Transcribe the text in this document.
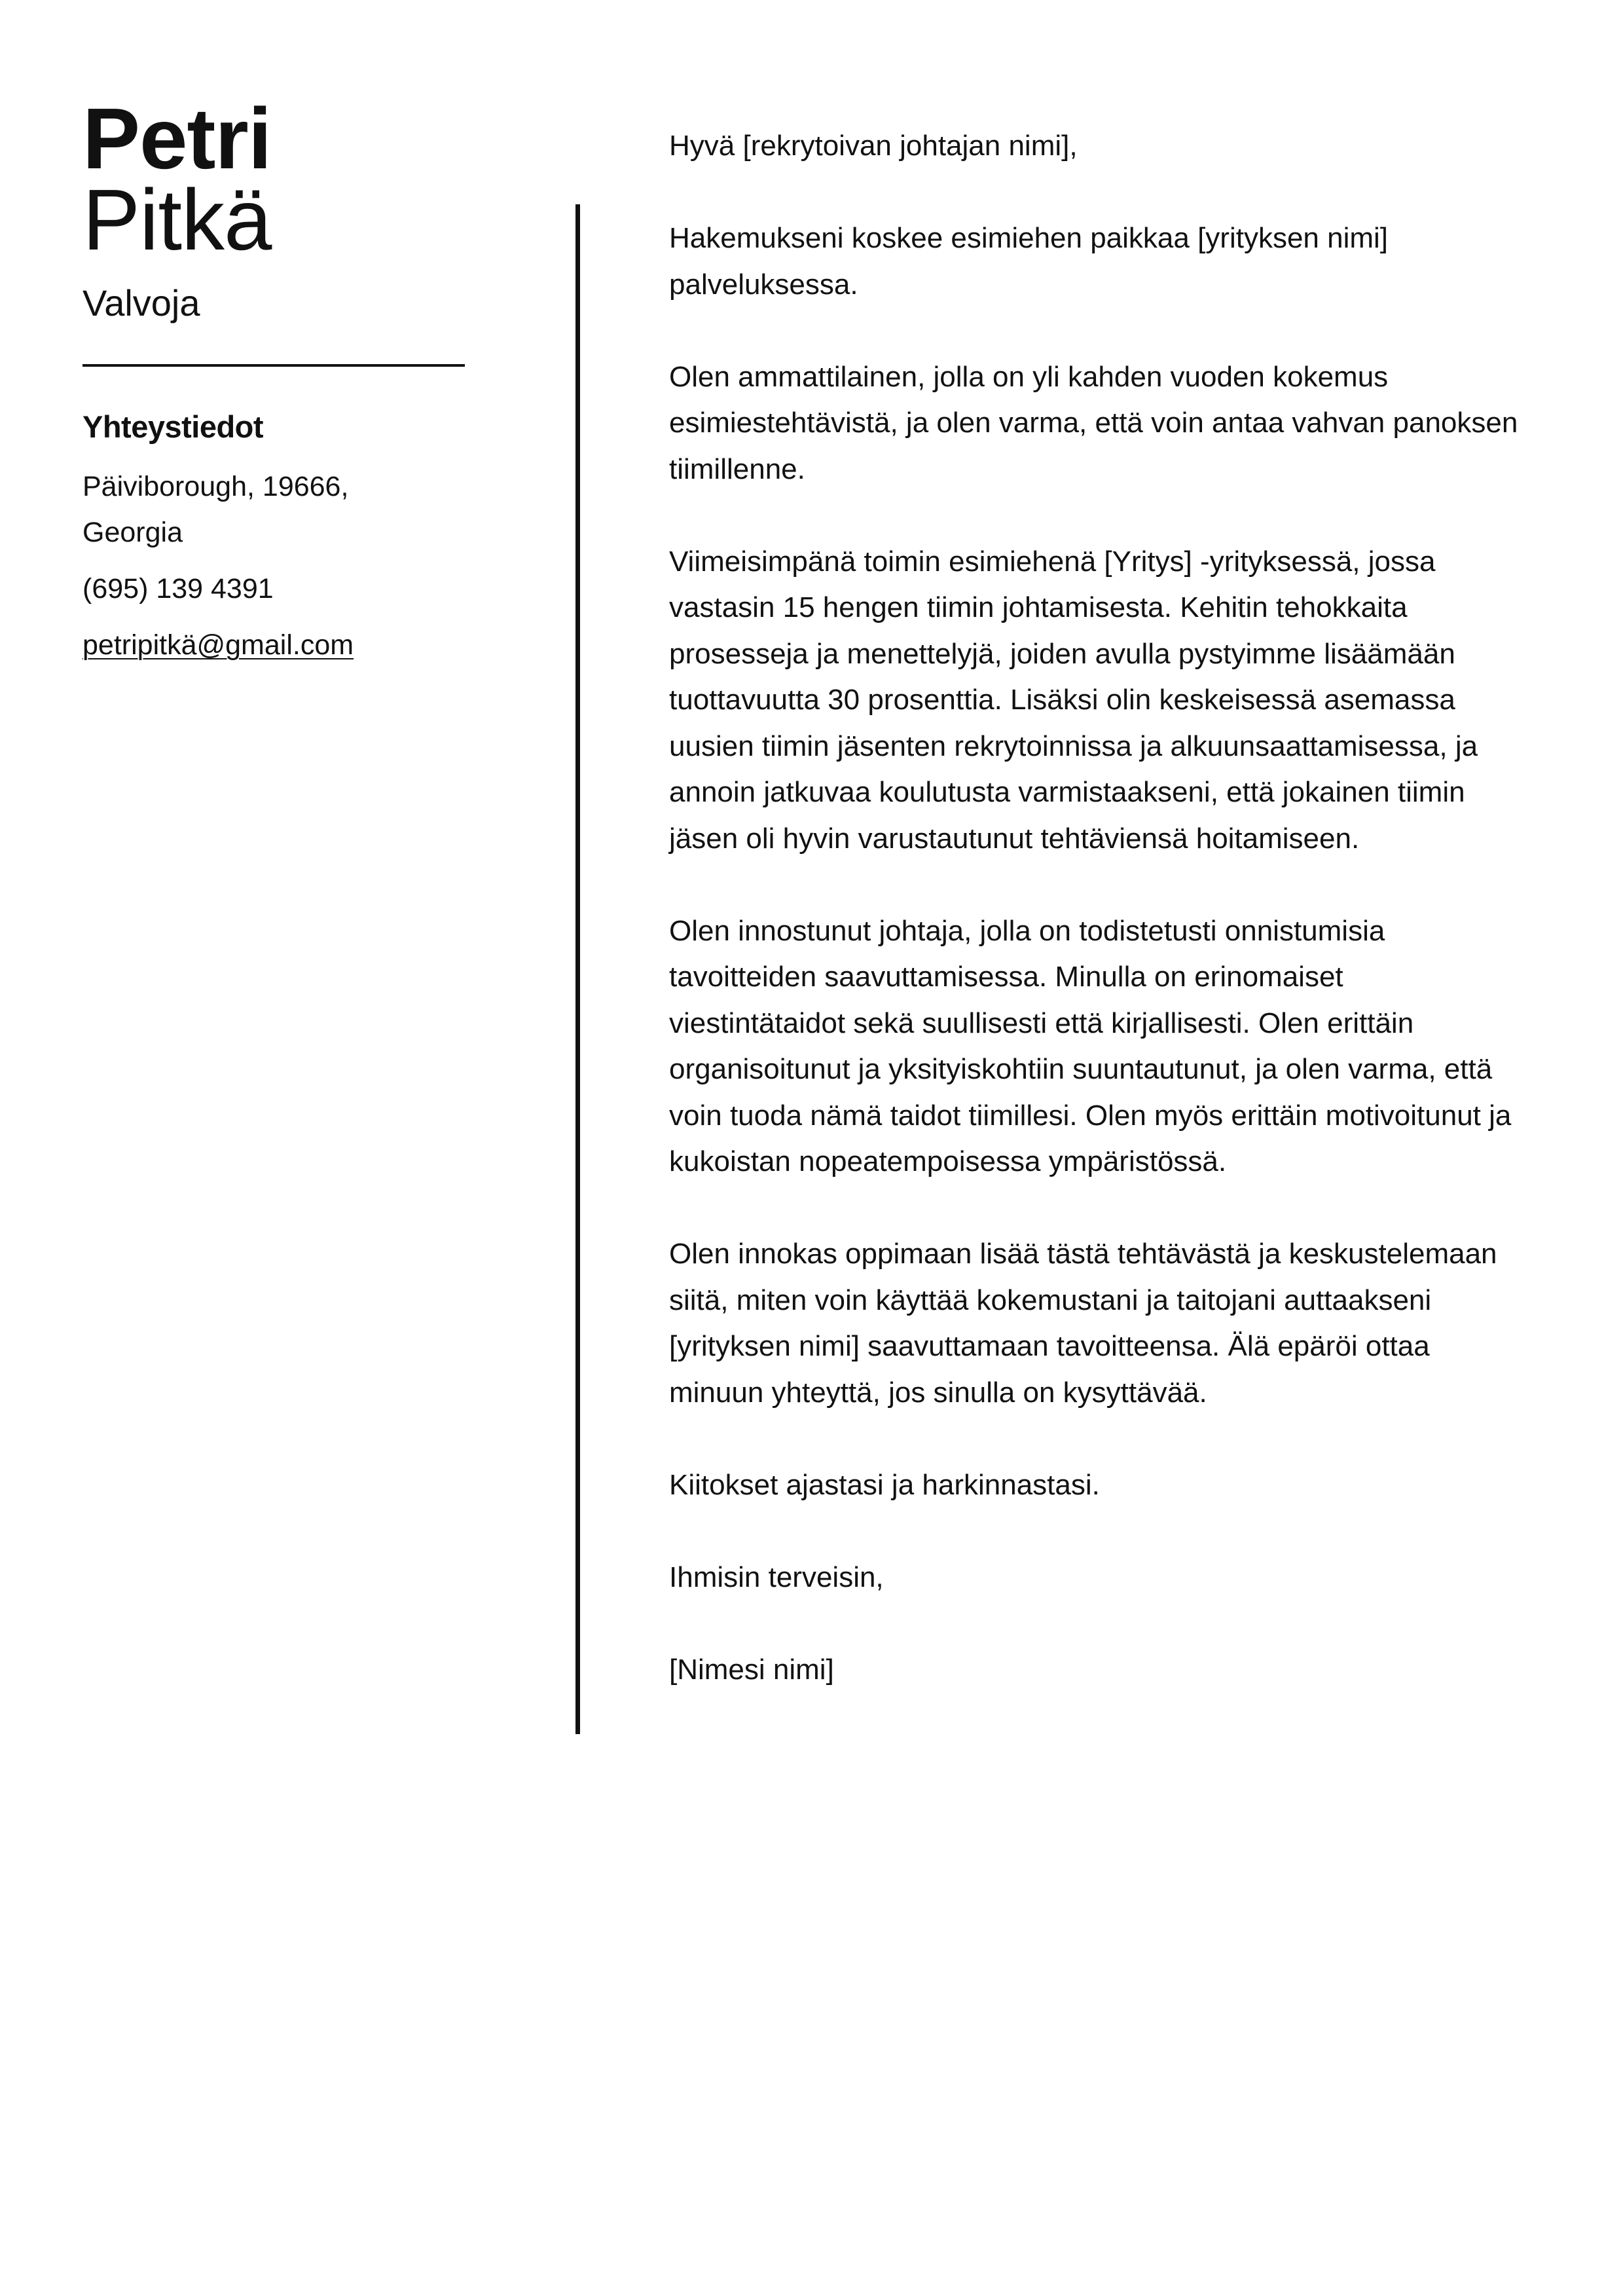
Petri
Pitkä
Valvoja
Yhteystiedot
Päiviborough, 19666, Georgia
(695) 139 4391
petripitkä@gmail.com

Hyvä [rekrytoivan johtajan nimi],

Hakemukseni koskee esimiehen paikkaa [yrityksen nimi] palveluksessa.

Olen ammattilainen, jolla on yli kahden vuoden kokemus esimiestehtävistä, ja olen varma, että voin antaa vahvan panoksen tiimillenne.

Viimeisimpänä toimin esimiehenä [Yritys] -yrityksessä, jossa vastasin 15 hengen tiimin johtamisesta. Kehitin tehokkaita prosesseja ja menettelyjä, joiden avulla pystyimme lisäämään tuottavuutta 30 prosenttia. Lisäksi olin keskeisessä asemassa uusien tiimin jäsenten rekrytoinnissa ja alkuunsaattamisessa, ja annoin jatkuvaa koulutusta varmistaakseni, että jokainen tiimin jäsen oli hyvin varustautunut tehtäviensä hoitamiseen.

Olen innostunut johtaja, jolla on todistetusti onnistumisia tavoitteiden saavuttamisessa. Minulla on erinomaiset viestintätaidot sekä suullisesti että kirjallisesti. Olen erittäin organisoitunut ja yksityiskohtiin suuntautunut, ja olen varma, että voin tuoda nämä taidot tiimillesi. Olen myös erittäin motivoitunut ja kukoistan nopeatempoisessa ympäristössä.

Olen innokas oppimaan lisää tästä tehtävästä ja keskustelemaan siitä, miten voin käyttää kokemustani ja taitojani auttaakseni [yrityksen nimi] saavuttamaan tavoitteensa. Älä epäröi ottaa minuun yhteyttä, jos sinulla on kysyttävää.

Kiitokset ajastasi ja harkinnastasi.

Ihmisin terveisin,

[Nimesi nimi]
